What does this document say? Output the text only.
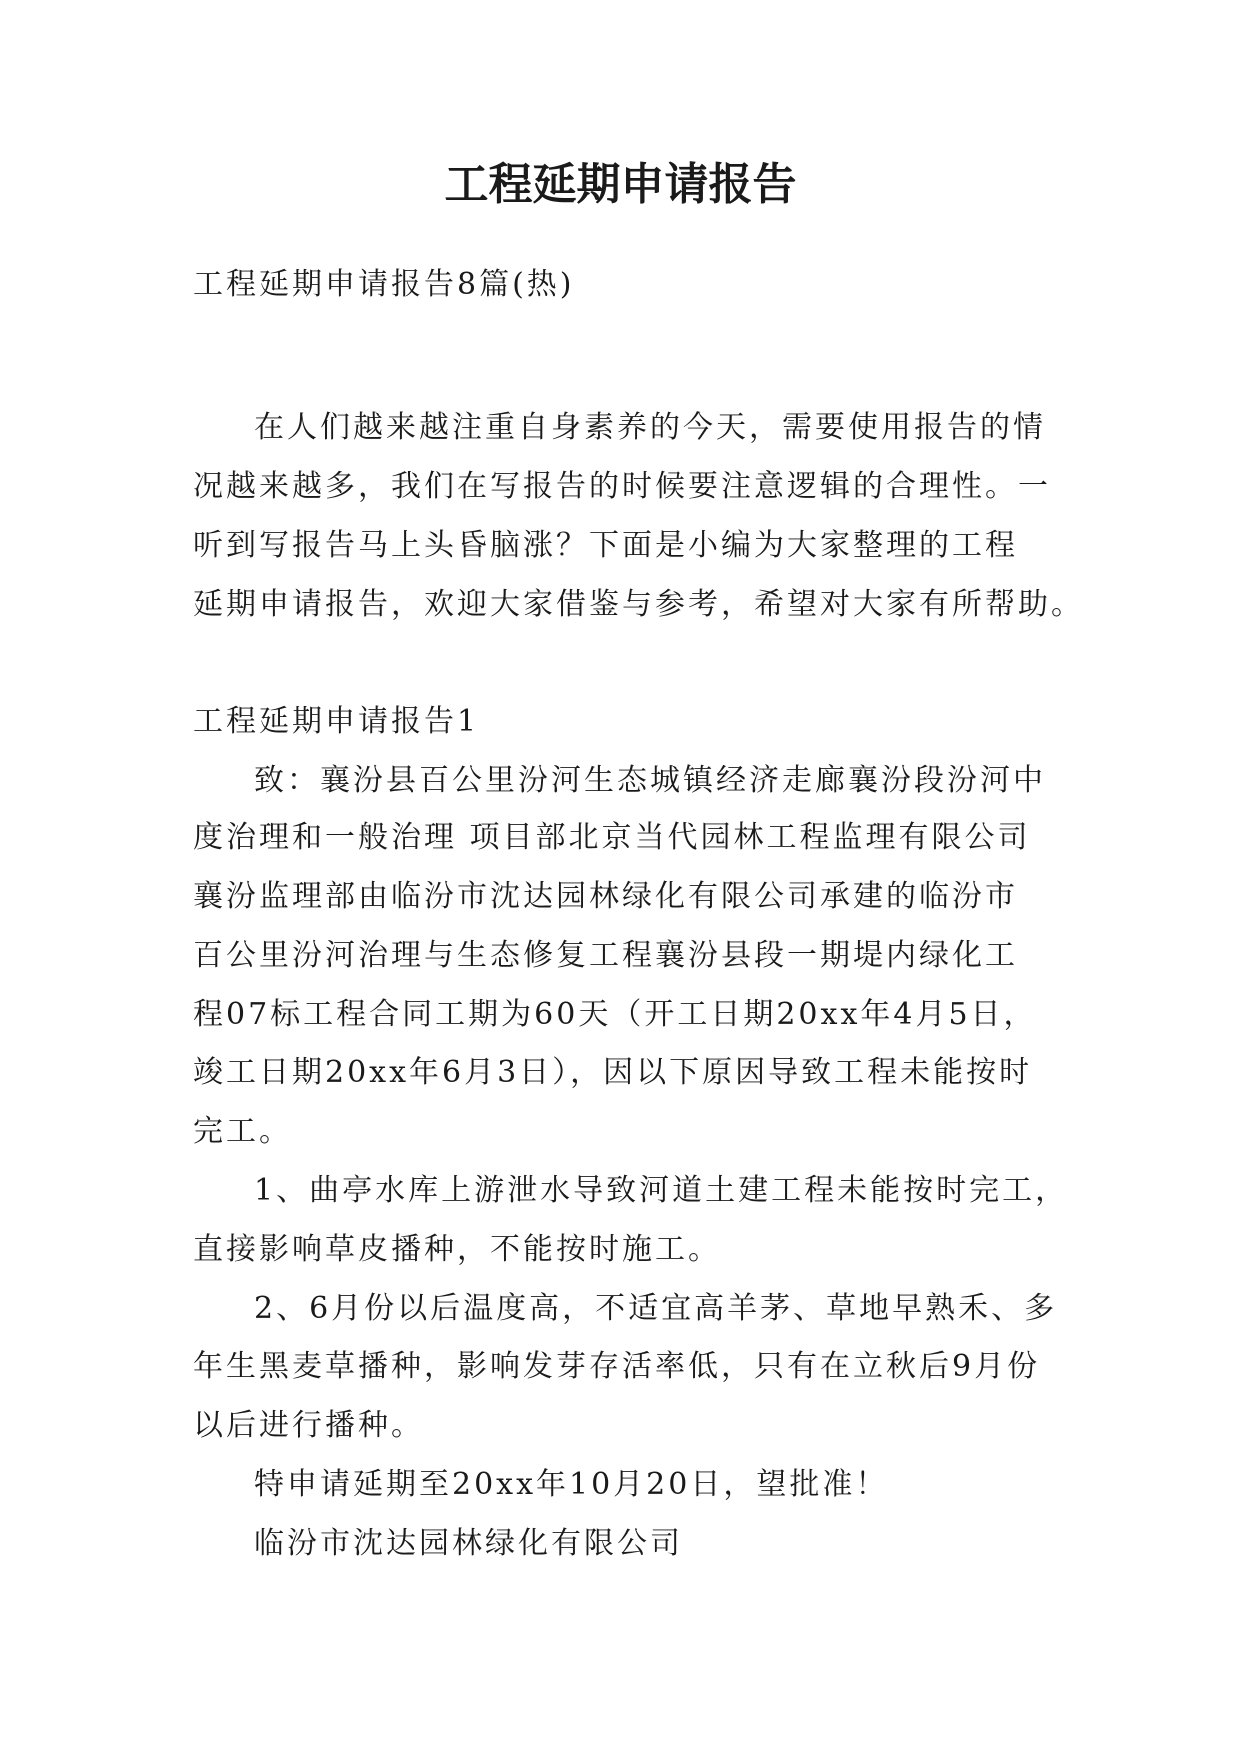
工程延期申请报告
工程延期申请报告8篇(热)
在人们越来越注重自身素养的今天，需要使用报告的情
况越来越多，我们在写报告的时候要注意逻辑的合理性。一
听到写报告马上头昏脑涨？下面是小编为大家整理的工程
延期申请报告，欢迎大家借鉴与参考，希望对大家有所帮助。
工程延期申请报告1
致：襄汾县百公里汾河生态城镇经济走廊襄汾段汾河中
度治理和一般治理 项目部北京当代园林工程监理有限公司
襄汾监理部由临汾市沈达园林绿化有限公司承建的临汾市
百公里汾河治理与生态修复工程襄汾县段一期堤内绿化工
程07标工程合同工期为60天（开工日期20xx年4月5日，
竣工日期20xx年6月3日），因以下原因导致工程未能按时
完工。
1、曲亭水库上游泄水导致河道土建工程未能按时完工，
直接影响草皮播种，不能按时施工。
2、6月份以后温度高，不适宜高羊茅、草地早熟禾、多
年生黑麦草播种，影响发芽存活率低，只有在立秋后9月份
以后进行播种。
特申请延期至20xx年10月20日，望批准！
临汾市沈达园林绿化有限公司
